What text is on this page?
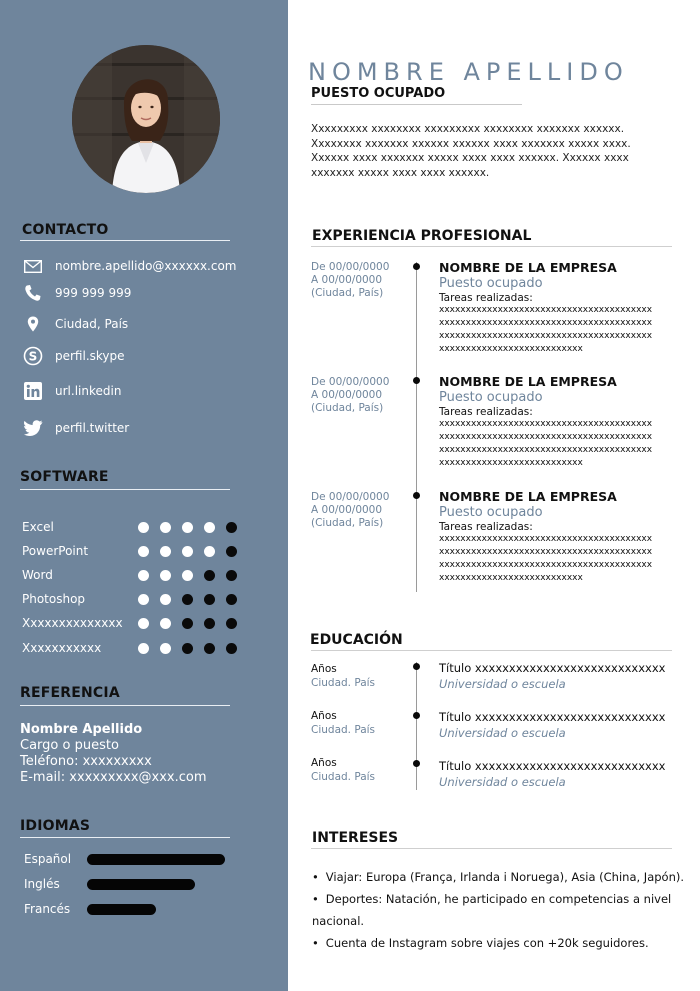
CONTACTO
nombre.apellido@xxxxxx.com
999 999 999
Ciudad, País
S perfil.skype
url.linkedin
perfil.twitter
SOFTWARE
Excel
PowerPoint
Word
Photoshop
Xxxxxxxxxxxxxx
Xxxxxxxxxxx
REFERENCIA
Nombre Apellido
Cargo o puesto
Teléfono: xxxxxxxxx
E-mail: xxxxxxxxx@xxx.com
IDIOMAS
Español
Inglés
Francés
NOMBRE APELLIDO
PUESTO OCUPADO
Xxxxxxxxx xxxxxxxx xxxxxxxxx xxxxxxxx xxxxxxx xxxxxx. Xxxxxxxx xxxxxxx xxxxxx xxxxxx xxxx xxxxxxx xxxxx xxxx. Xxxxxx xxxx xxxxxxx xxxxx xxxx xxxx xxxxxx. Xxxxxx xxxx xxxxxxx xxxxx xxxx xxxx xxxxxx.
EXPERIENCIA PROFESIONAL
De 00/00/0000
A 00/00/0000
(Ciudad, País)
NOMBRE DE LA EMPRESA
Puesto ocupado
Tareas realizadas:
xxxxxxxxxxxxxxxxxxxxxxxxxxxxxxxxxxxxxxxxxxxxxxxxxxxxxxxxxxxxxxxxxxxxxxxxxxxxxxxxxxxxxxxxxxxxxxxxxxxxxxxxxxxxxxxxxxxxxxxxxxxxxxxxxxxxxxxxxxxxxxxxxxx
De 00/00/0000
A 00/00/0000
(Ciudad, País)
NOMBRE DE LA EMPRESA
Puesto ocupado
Tareas realizadas:
xxxxxxxxxxxxxxxxxxxxxxxxxxxxxxxxxxxxxxxxxxxxxxxxxxxxxxxxxxxxxxxxxxxxxxxxxxxxxxxxxxxxxxxxxxxxxxxxxxxxxxxxxxxxxxxxxxxxxxxxxxxxxxxxxxxxxxxxxxxxxxxxxxx
De 00/00/0000
A 00/00/0000
(Ciudad, País)
NOMBRE DE LA EMPRESA
Puesto ocupado
Tareas realizadas:
xxxxxxxxxxxxxxxxxxxxxxxxxxxxxxxxxxxxxxxxxxxxxxxxxxxxxxxxxxxxxxxxxxxxxxxxxxxxxxxxxxxxxxxxxxxxxxxxxxxxxxxxxxxxxxxxxxxxxxxxxxxxxxxxxxxxxxxxxxxxxxxxxxx
EDUCACIÓN
Años
Ciudad. País
Título xxxxxxxxxxxxxxxxxxxxxxxxxxxx
Universidad o escuela
Años
Ciudad. País
Título xxxxxxxxxxxxxxxxxxxxxxxxxxxx
Universidad o escuela
Años
Ciudad. País
Título xxxxxxxxxxxxxxxxxxxxxxxxxxxx
Universidad o escuela
INTERESES
• Viajar: Europa (França, Irlanda i Noruega), Asia (China, Japón).
• Deportes: Natación, he participado en competencias a nivel nacional.
• Cuenta de Instagram sobre viajes con +20k seguidores.
